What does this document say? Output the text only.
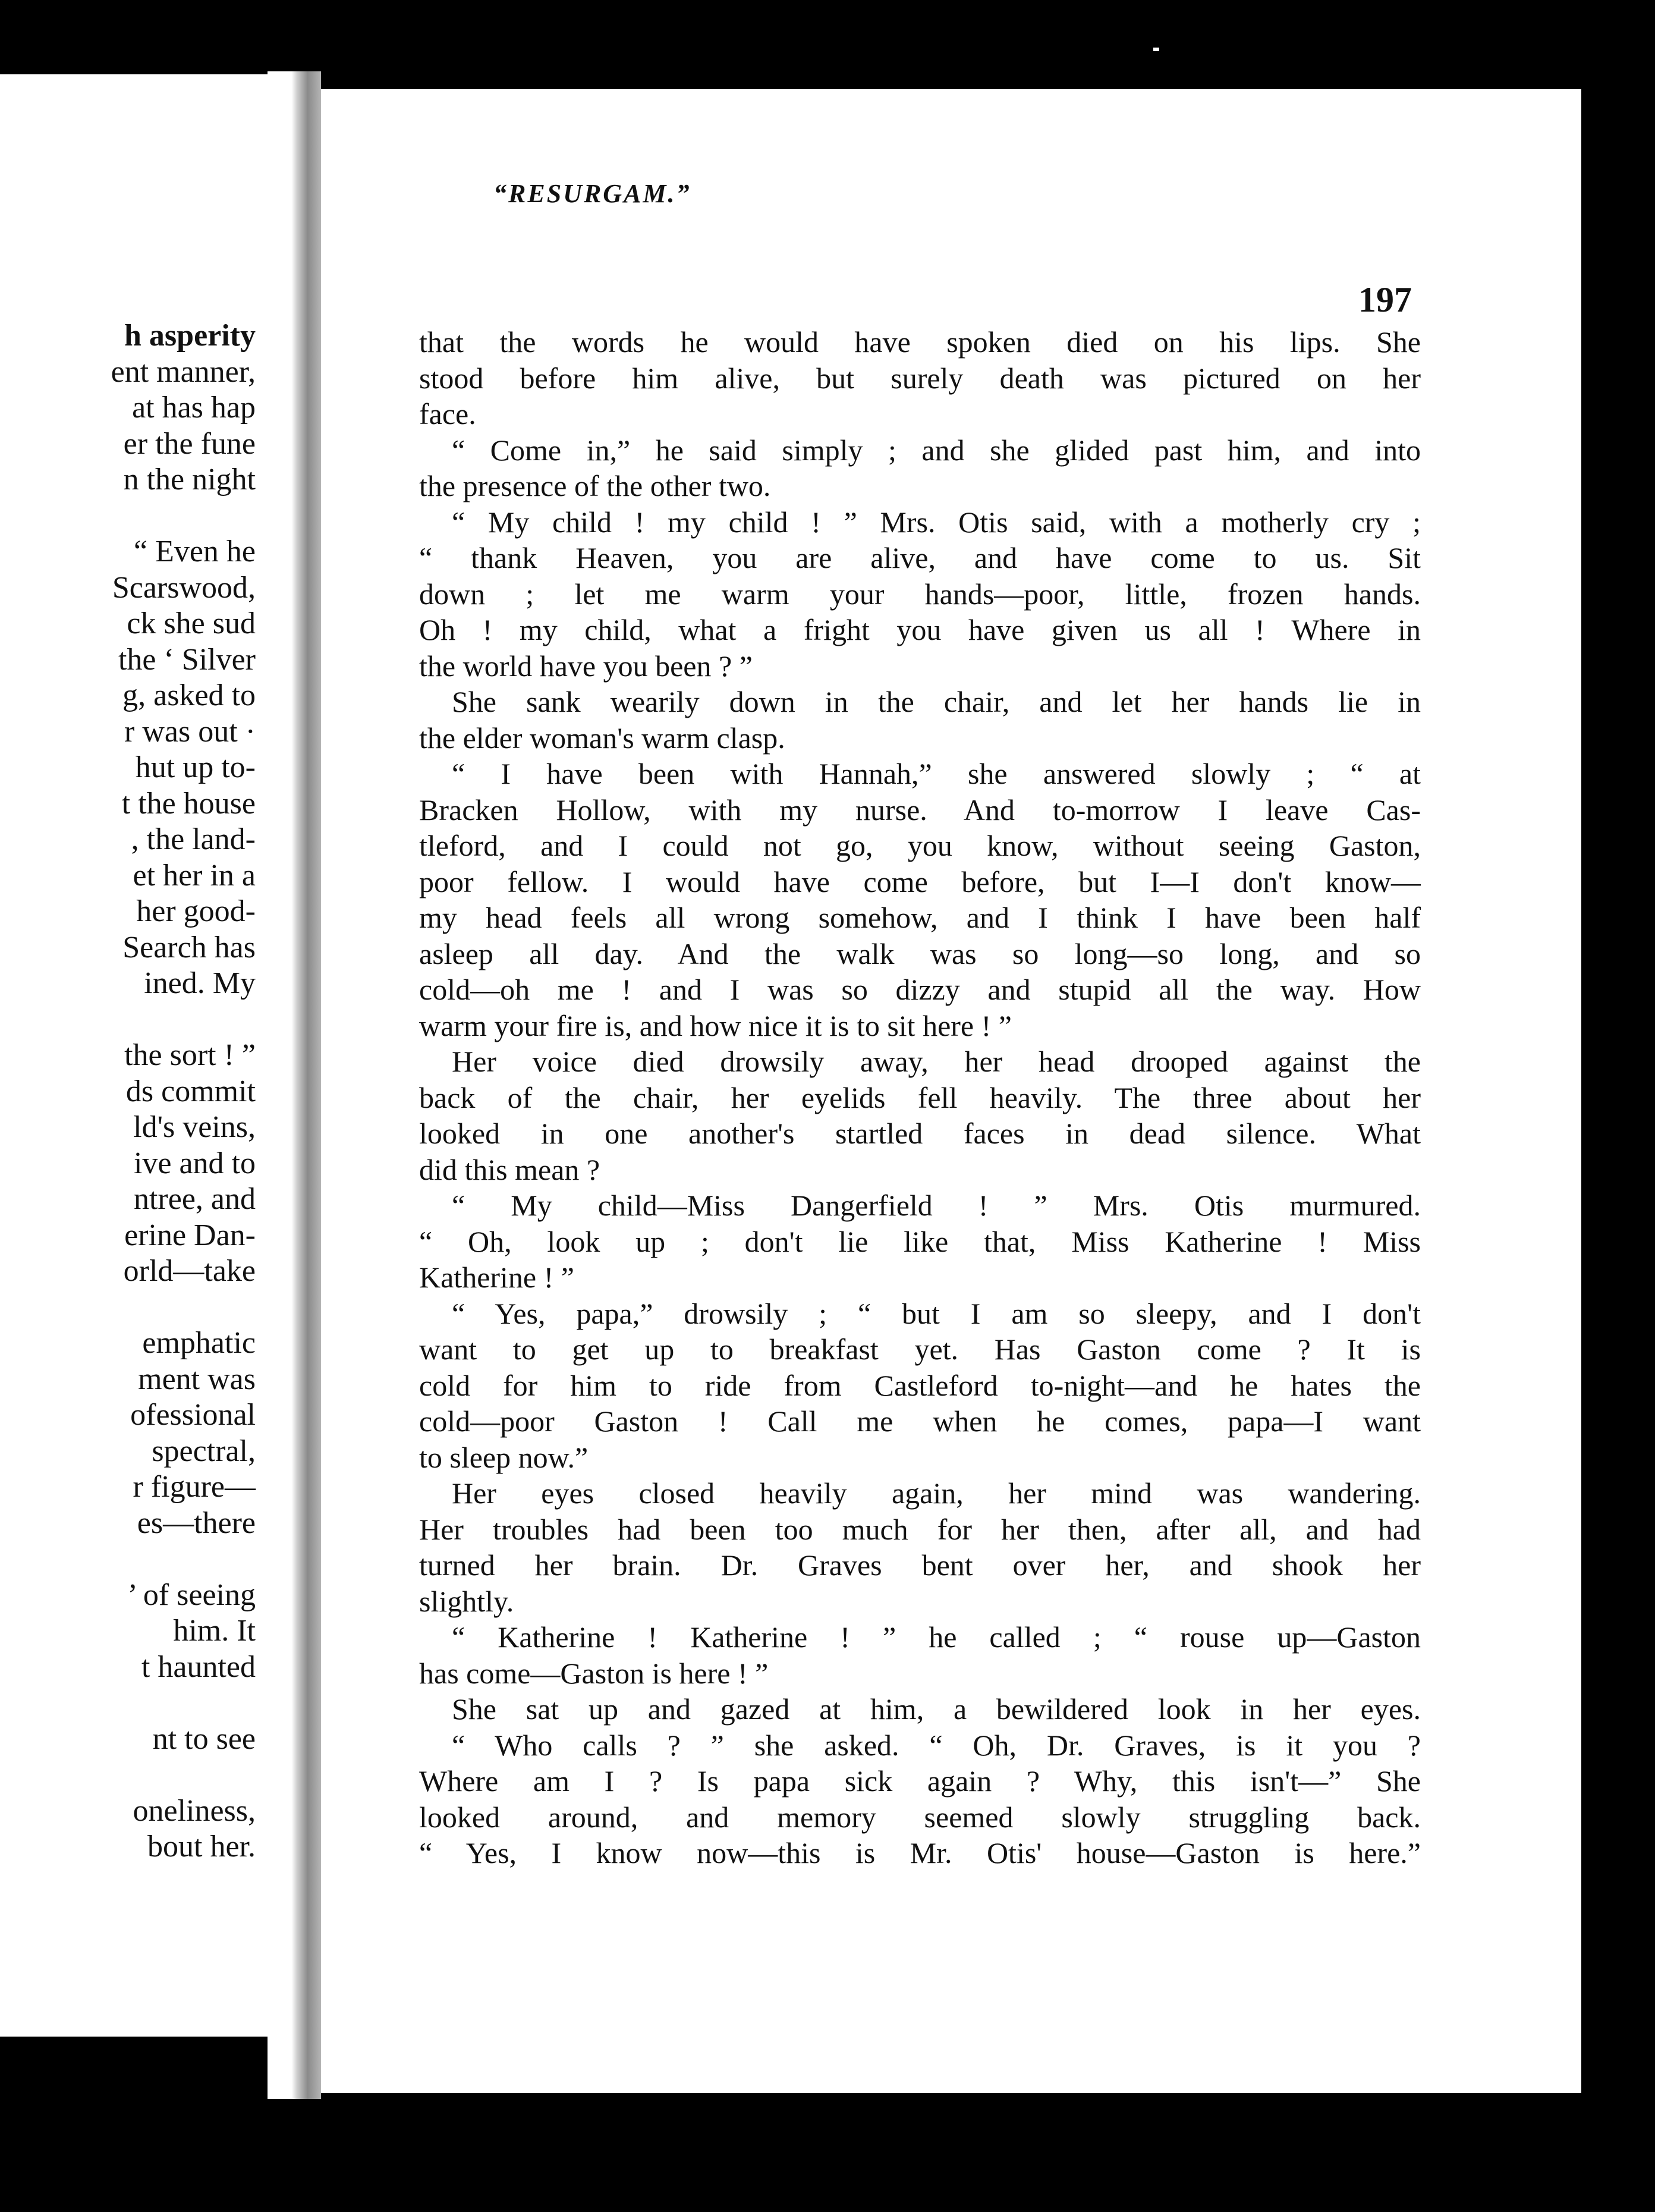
h asperity
ent manner,
at has hap
er the fune
n the night
“ Even he
Scarswood,
ck she sud
the ‘ Silver
g, asked to
r was out ·
hut up to-
t the house
, the land-
et her in a
her good-
Search has
ined. My
the sort ! ”
ds commit
ld's veins,
ive and to
ntree, and
erine Dan-
orld—take
emphatic
ment was
ofessional
spectral,
r figure—
es—there
’ of seeing
him. It
t haunted
nt to see
oneliness,
bout her.
“RESURGAM.”
197
that the words he would have spoken died on his lips. She
stood before him alive, but surely death was pictured on her
face.
“ Come in,” he said simply ; and she glided past him, and into
the presence of the other two.
“ My child ! my child ! ” Mrs. Otis said, with a motherly cry ;
“ thank Heaven, you are alive, and have come to us. Sit
down ; let me warm your hands—poor, little, frozen hands.
Oh ! my child, what a fright you have given us all ! Where in
the world have you been ? ”
She sank wearily down in the chair, and let her hands lie in
the elder woman's warm clasp.
“ I have been with Hannah,” she answered slowly ; “ at
Bracken Hollow, with my nurse. And to-morrow I leave Cas-
tleford, and I could not go, you know, without seeing Gaston,
poor fellow. I would have come before, but I—I don't know—
my head feels all wrong somehow, and I think I have been half
asleep all day. And the walk was so long—so long, and so
cold—oh me ! and I was so dizzy and stupid all the way. How
warm your fire is, and how nice it is to sit here ! ”
Her voice died drowsily away, her head drooped against the
back of the chair, her eyelids fell heavily. The three about her
looked in one another's startled faces in dead silence. What
did this mean ?
“ My child—Miss Dangerfield ! ” Mrs. Otis murmured.
“ Oh, look up ; don't lie like that, Miss Katherine ! Miss
Katherine ! ”
“ Yes, papa,” drowsily ; “ but I am so sleepy, and I don't
want to get up to breakfast yet. Has Gaston come ? It is
cold for him to ride from Castleford to-night—and he hates the
cold—poor Gaston ! Call me when he comes, papa—I want
to sleep now.”
Her eyes closed heavily again, her mind was wandering.
Her troubles had been too much for her then, after all, and had
turned her brain. Dr. Graves bent over her, and shook her
slightly.
“ Katherine ! Katherine ! ” he called ; “ rouse up—Gaston
has come—Gaston is here ! ”
She sat up and gazed at him, a bewildered look in her eyes.
“ Who calls ? ” she asked. “ Oh, Dr. Graves, is it you ?
Where am I ? Is papa sick again ? Why, this isn't—” She
looked around, and memory seemed slowly struggling back.
“ Yes, I know now—this is Mr. Otis' house—Gaston is here.”
